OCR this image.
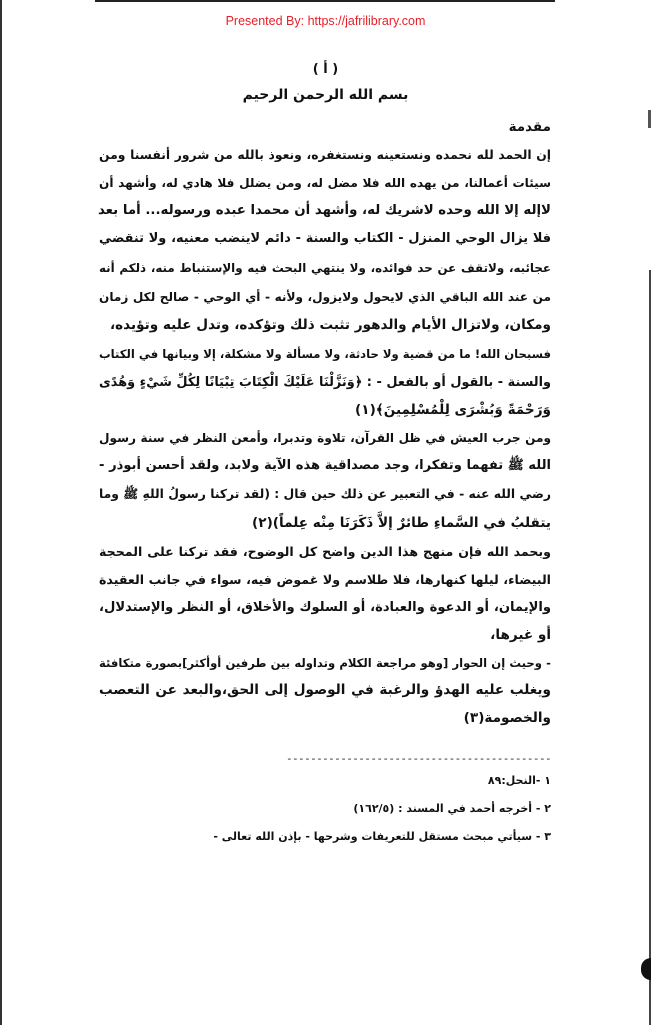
Presented By: https://jafrilibrary.com
( أ )
بسم الله الرحمن الرحيم
مقدمة
إن الحمد لله نحمده ونستعينه ونستغفره، ونعوذ بالله من شرور أنفسنا ومن
سيئات أعمالنا، من يهده الله فلا مضل له، ومن يضلل فلا هادي له، وأشهد أن
لاإله إلا الله وحده لاشريك له، وأشهد أن محمدا عبده ورسوله... أما بعد
فلا يزال الوحي المنزل - الكتاب والسنة - دائم لاينضب معنيه، ولا تنقضي
عجائبه، ولاتقف عن حد فوائده، ولا ينتهي البحث فيه والإستنباط منه، ذلكم أنه
من عند الله الباقي الذي لايحول ولايزول، ولأنه - أي الوحي - صالح لكل زمان
ومكان، ولاتزال الأيام والدهور تثبت ذلك وتؤكده، وتدل عليه وتؤيده،
فسبحان الله! ما من قضية ولا حادثة، ولا مسألة ولا مشكلة، إلا وبيانها في الكتاب
والسنة - بالقول أو بالفعل - : ﴿وَنَزَّلْنَا عَلَيْكَ الْكِتَابَ تِبْيَانًا لِكُلِّ شَيْءٍ وَهُدًى
وَرَحْمَةً وَبُشْرَى لِلْمُسْلِمِينَ﴾(١)
ومن جرب العيش في ظل القرآن، تلاوة وتدبرا، وأمعن النظر في سنة رسول
الله ﷺ تفهما وتفكرا، وجد مصداقية هذه الآية ولابد، ولقد أحسن أبوذر -
رضي الله عنه - في التعبير عن ذلك حين قال : (لقد تركنا رسولُ اللهِ ﷺ وما
يتقلبُ في السَّماءِ طائرٌ إلاَّ ذَكَرَنَا مِنْه عِلماً)(٢)
وبحمد الله فإن منهج هذا الدين واضح كل الوضوح، فقد تركنا على المحجة
البيضاء، ليلها كنهارها، فلا طلاسم ولا غموض فيه، سواء في جانب العقيدة
والإيمان، أو الدعوة والعبادة، أو السلوك والأخلاق، أو النظر والإستدلال،
أو غيرها،
- وحيث إن الحوار [وهو مراجعة الكلام وتداوله بين طرفين أوأكثر]بصورة متكافئة
ويغلب عليه الهدؤ والرغبة في الوصول إلى الحق،والبعد عن التعصب
والخصومة(٣)
--------------------------------------------
١ -النحل:٨٩
٢ - أخرجه أحمد في المسند : (١٦٢/٥)
٣ - سيأتي مبحث مستقل للتعريفات وشرحها - بإذن الله تعالى -
